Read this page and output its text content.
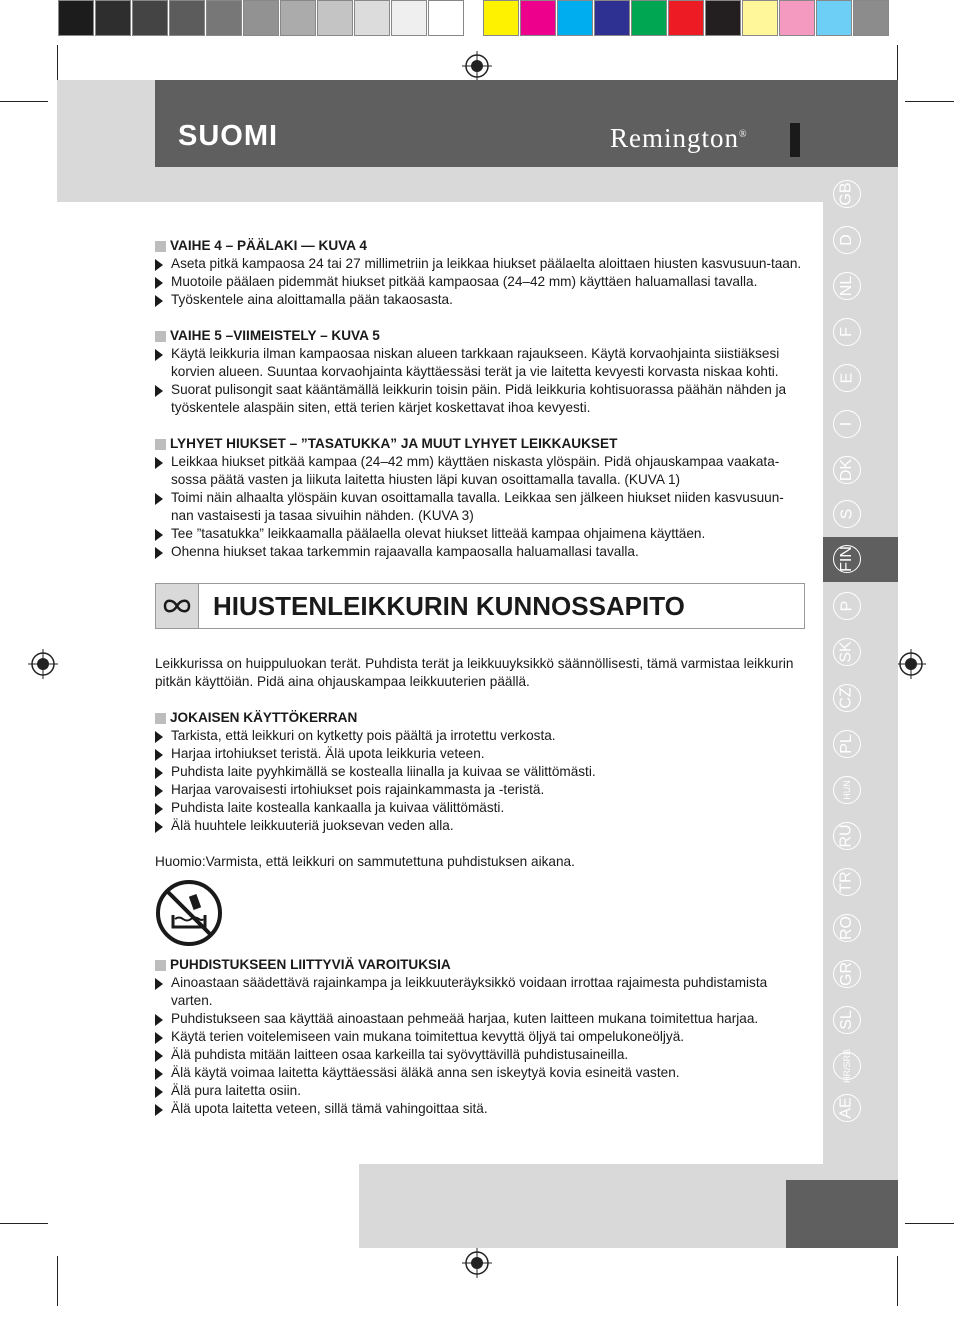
SUOMI	Remington®
GB
D
NL
F
E
I
DK
S
FIN
P
SK
CZ
PL
HUN
RU
TR
RO
GR
SL
HR/SRB
AE
VAIHE 4 – PÄÄLAKI — KUVA 4
Aseta pitkä kampaosa 24 tai 27 millimetriin ja leikkaa hiukset päälaelta aloittaen hiusten kasvusuun-taan.
Muotoile päälaen pidemmät hiukset pitkää kampaosaa (24–42 mm) käyttäen haluamallasi tavalla.
Työskentele aina aloittamalla pään takaosasta.
VAIHE 5 –VIIMEISTELY – KUVA 5
Käytä leikkuria ilman kampaosaa niskan alueen tarkkaan rajaukseen. Käytä korvaohjainta siistiäksesi korvien alueen. Suuntaa korvaohjainta käyttäessäsi terät ja vie laitetta kevyesti korvasta niskaa kohti.
Suorat pulisongit saat kääntämällä leikkurin toisin päin. Pidä leikkuria kohtisuorassa päähän nähden ja työskentele alaspäin siten, että terien kärjet koskettavat ihoa kevyesti.
LYHYET HIUKSET – ”TASATUKKA” JA MUUT LYHYET LEIKKAUKSET
Leikkaa hiukset pitkää kampaa (24–42 mm) käyttäen niskasta ylöspäin. Pidä ohjauskampaa vaakata-sossa päätä vasten ja liikuta laitetta hiusten läpi kuvan osoittamalla tavalla. (KUVA 1)
Toimi näin alhaalta ylöspäin kuvan osoittamalla tavalla. Leikkaa sen jälkeen hiukset niiden kasvusuun-nan vastaisesti ja tasaa sivuihin nähden. (KUVA 3)
Tee ”tasatukka” leikkaamalla päälaella olevat hiukset litteää kampaa ohjaimena käyttäen.
Ohenna hiukset takaa tarkemmin rajaavalla kampaosalla haluamallasi tavalla.
HIUSTENLEIKKURIN KUNNOSSAPITO

Leikkurissa on huippuluokan terät. Puhdista terät ja leikkuuyksikkö säännöllisesti, tämä varmistaa leikkurin pitkän käyttöiän. Pidä aina ohjauskampaa leikkuuterien päällä.

JOKAISEN KÄYTTÖKERRAN
Tarkista, että leikkuri on kytketty pois päältä ja irrotettu verkosta.
Harjaa irtohiukset teristä. Älä upota leikkuria veteen.
Puhdista laite pyyhkimällä se kostealla liinalla ja kuivaa se välittömästi.
Harjaa varovaisesti irtohiukset pois rajainkammasta ja -teristä.
Puhdista laite kostealla kankaalla ja kuivaa välittömästi.
Älä huuhtele leikkuuteriä juoksevan veden alla.

Huomio:Varmista, että leikkuri on sammutettuna puhdistuksen aikana.

PUHDISTUKSEEN LIITTYVIÄ VAROITUKSIA
Ainoastaan säädettävä rajainkampa ja leikkuuteräyksikkö voidaan irrottaa rajaimesta puhdistamista varten.
Puhdistukseen saa käyttää ainoastaan pehmeää harjaa, kuten laitteen mukana toimitettua harjaa.
Käytä terien voitelemiseen vain mukana toimitettua kevyttä öljyä tai ompelukoneöljyä.
Älä puhdista mitään laitteen osaa karkeilla tai syövyttävillä puhdistusaineilla.
Älä käytä voimaa laitetta käyttäessäsi äläkä anna sen iskeytyä kovia esineitä vasten.
Älä pura laitetta osiin.
Älä upota laitetta veteen, sillä tämä vahingoittaa sitä.
